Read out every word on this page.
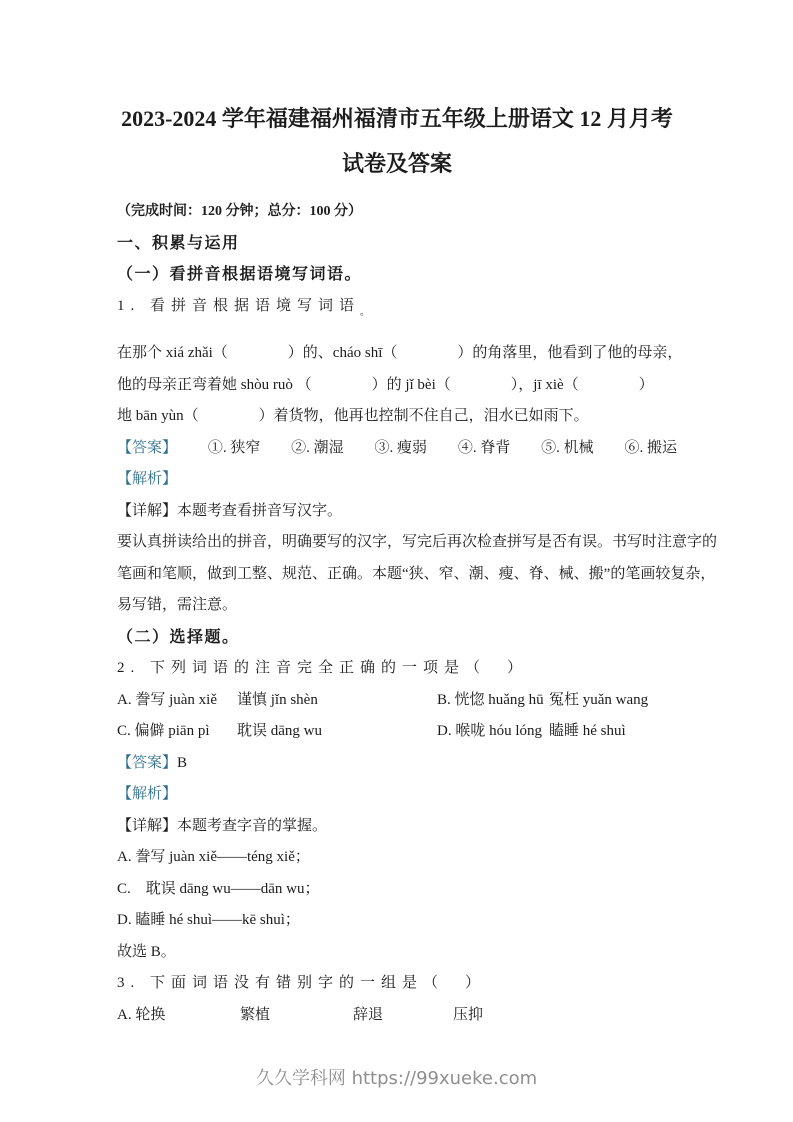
2023-2024 学年福建福州福清市五年级上册语文 12 月月考
试卷及答案

（完成时间：120 分钟；总分：100 分）

一、积累与运用

（一）看拼音根据语境写词语。

1. 看拼音根据语境写词语$_。$

在那个 xiá zhǎi（　　　　）的、cháo shī（　　　　）的角落里，他看到了他的母亲，

他的母亲正弯着她 shòu ruò （　　　　）的 jǐ bèi（　　　　），jī xiè（　　　　）

地 bān yùn（　　　　）着货物，他再也控制不住自己，泪水已如雨下。

【答案】 ①. 狭窄 ②. 潮湿 ③. 瘦弱 ④. 脊背 ⑤. 机械 ⑥. 搬运

【解析】

【详解】本题考查看拼音写汉字。

要认真拼读给出的拼音，明确要写的汉字，写完后再次检查拼写是否有误。书写时注意字的

笔画和笔顺，做到工整、规范、正确。本题“狭、窄、潮、瘦、脊、械、搬”的笔画较复杂，

易写错，需注意。

（二）选择题。

2. 下列词语的注音完全正确的一项是（　）

A. 誊写 juàn xiě	谨慎 jǐn shèn	B. 恍惚 huǎng hū 冤枉 yuǎn wang
C. 偏僻 piān pì	耽误 dāng wu	D. 喉咙 hóu lóng 瞌睡 hé shuì

【答案】B

【解析】

【详解】本题考查字音的掌握。

A. 誊写 juàn xiě——téng xiě；

C.　耽误 dāng wu——dān wu；

D. 瞌睡 hé shuì——kē shuì；

故选 B。

3. 下面词语没有错别字的一组是（　）

A. 轮换	繁植	辞退	压抑
久久学科网 https://99xueke.com
